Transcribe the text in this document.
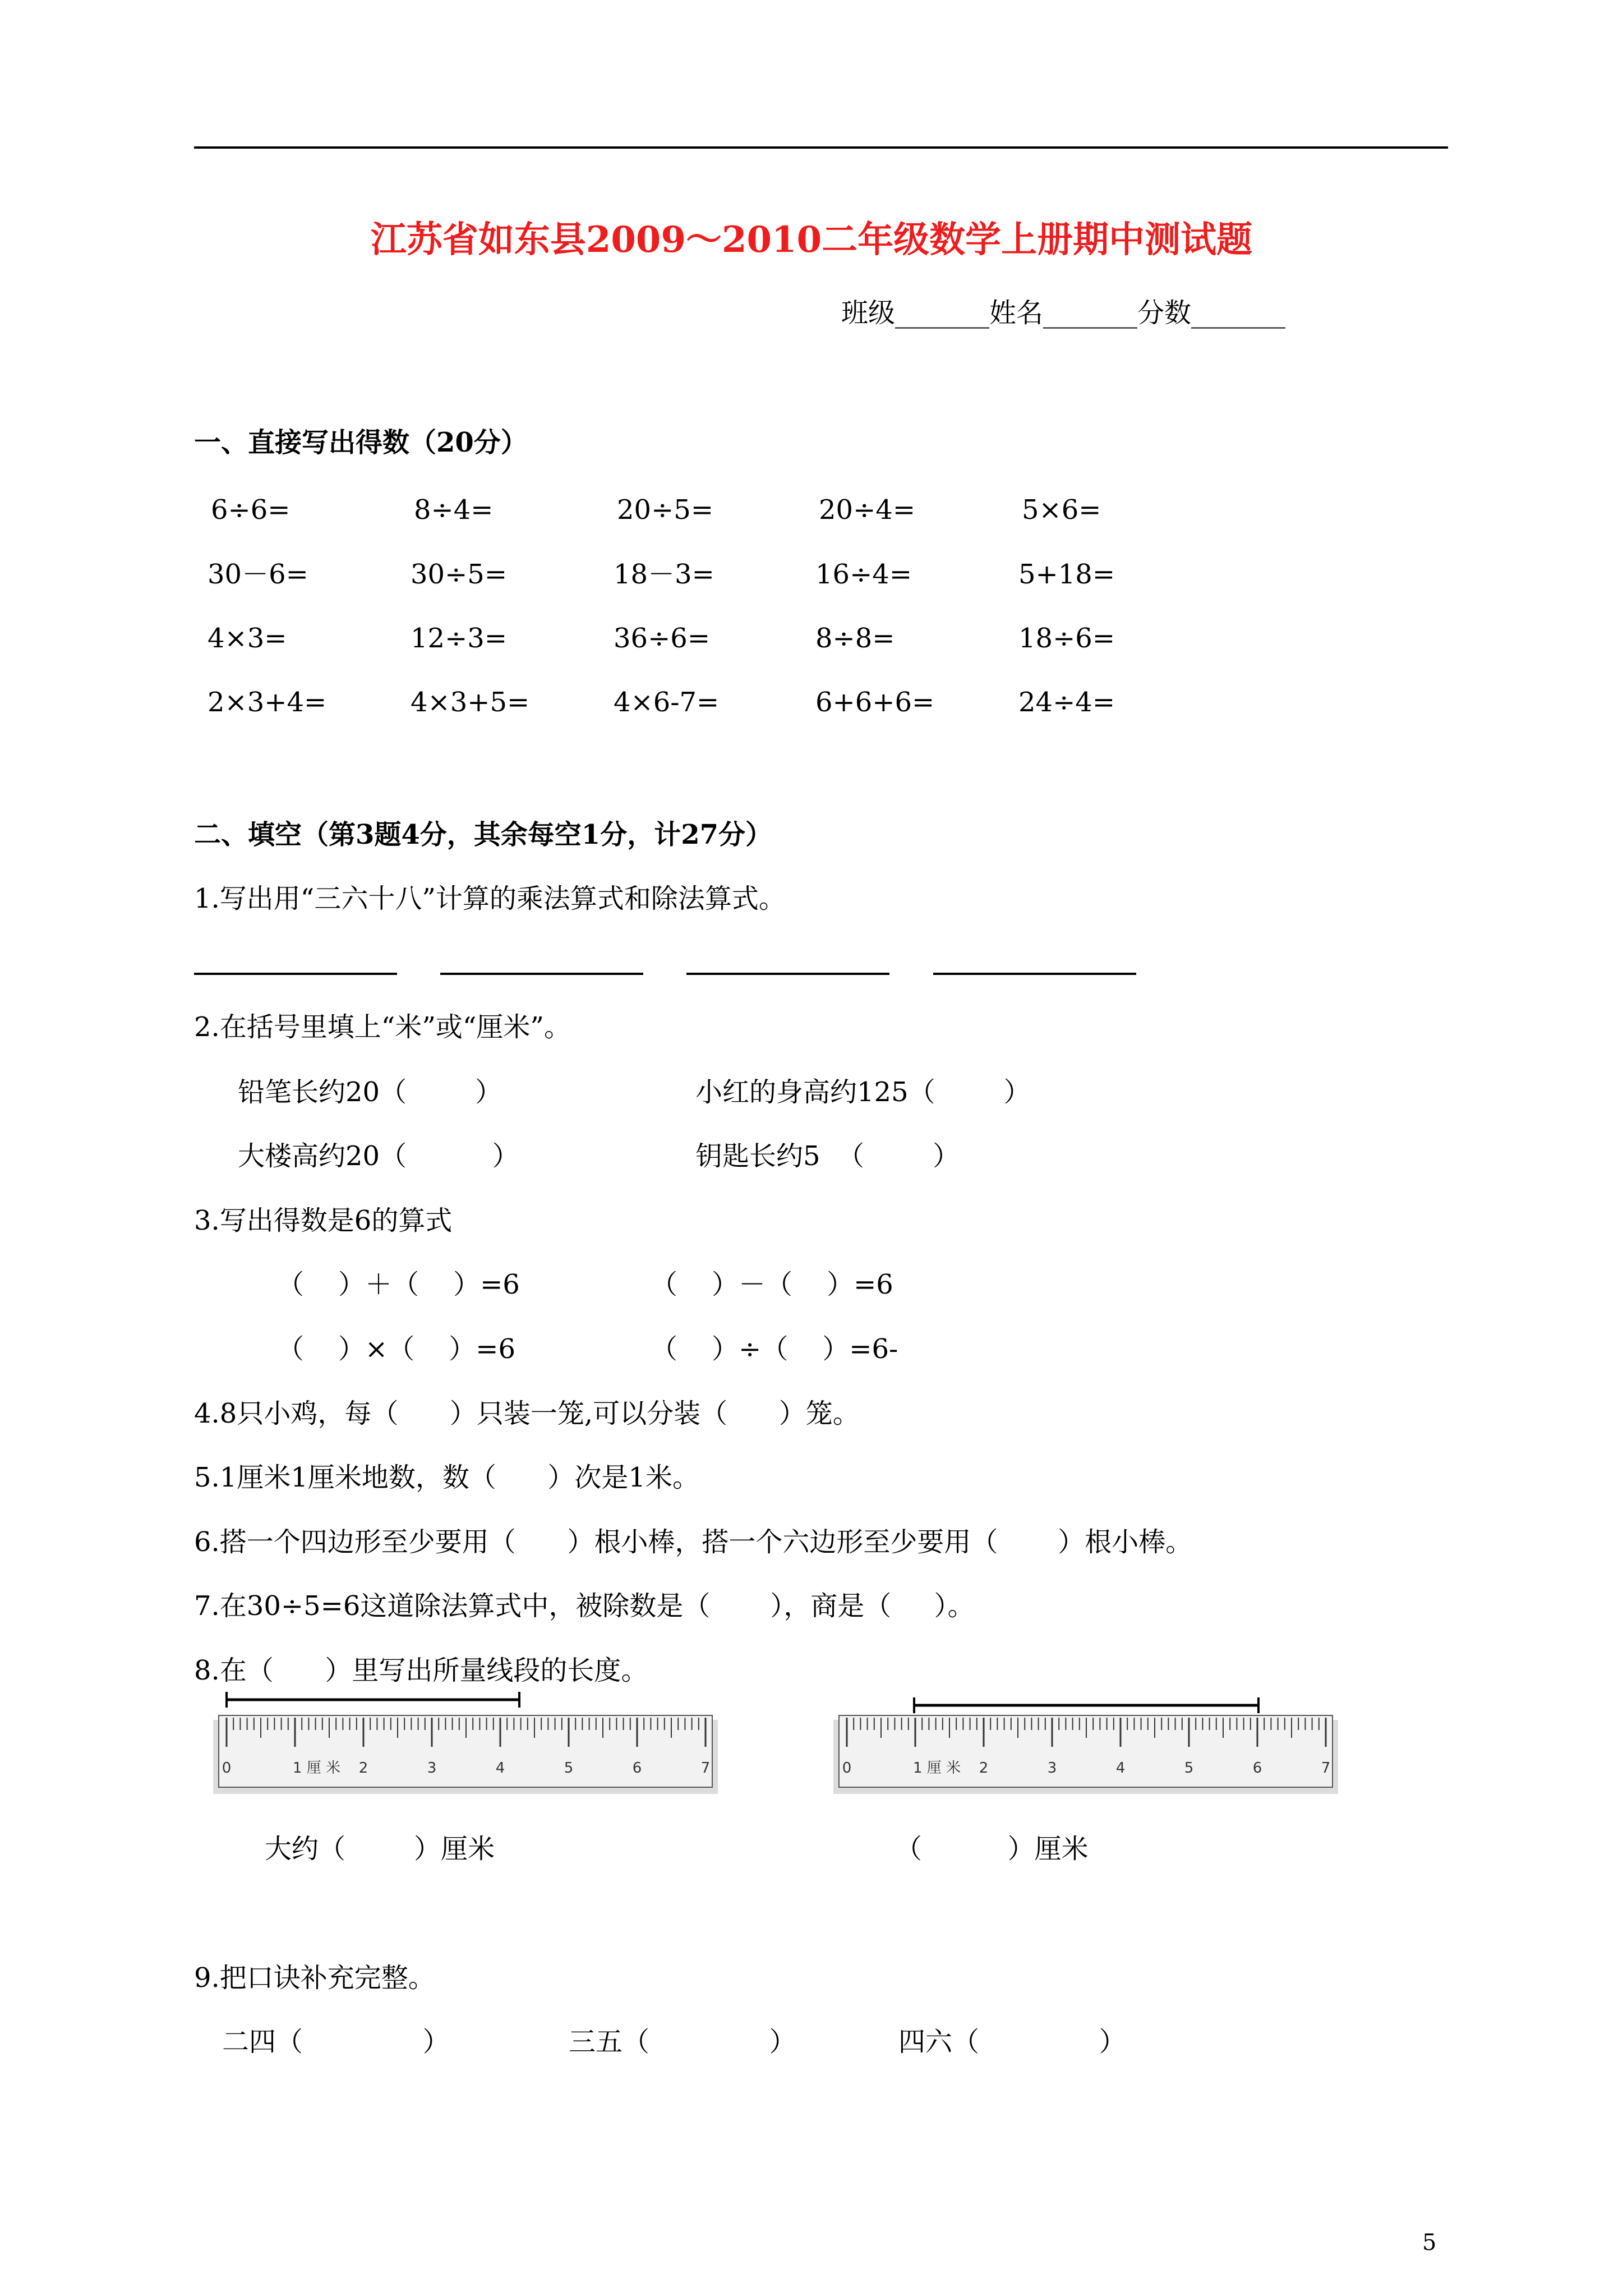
江苏省如东县2009～2010二年级数学上册期中测试题
班级_______姓名_______分数_______
一、直接写出得数（20分）
6÷6=	8÷4=	20÷5=	20÷4=	5×6=
30－6=	30÷5=	18－3=	16÷4=	5+18=
4×3=	12÷3=	36÷6=	8÷8=	18÷6=
2×3+4=	4×3+5=	4×6-7=	6+6+6=	24÷4=
二、填空（第3题4分，其余每空1分，计27分）
1.写出用“三六十八”计算的乘法算式和除法算式。
2.在括号里填上“米”或“厘米”。
铅笔长约20（        ）	小红的身高约125（        ）
大楼高约20（          ）	钥匙长约5  （        ）
3.写出得数是6的算式
（    ）＋（    ）=6	（    ）－（    ）=6
（    ）×（    ）=6	（    ）÷（    ）=6-
4.8只小鸡，每（      ）只装一笼,可以分装（      ）笼。
5.1厘米1厘米地数，数（      ）次是1米。
6.搭一个四边形至少要用（      ）根小棒，搭一个六边形至少要用（       ）根小棒。
7.在30÷5=6这道除法算式中，被除数是（       ），商是（     ）。
8.在（      ）里写出所量线段的长度。
0	1 厘 米 2	3	4	5	6	7	0	1 厘 米 2	3	4	5	6	7
大约（        ）厘米	（          ）厘米
9.把口诀补充完整。
二四（              ）	三五（              ）	四六（              ）
5
